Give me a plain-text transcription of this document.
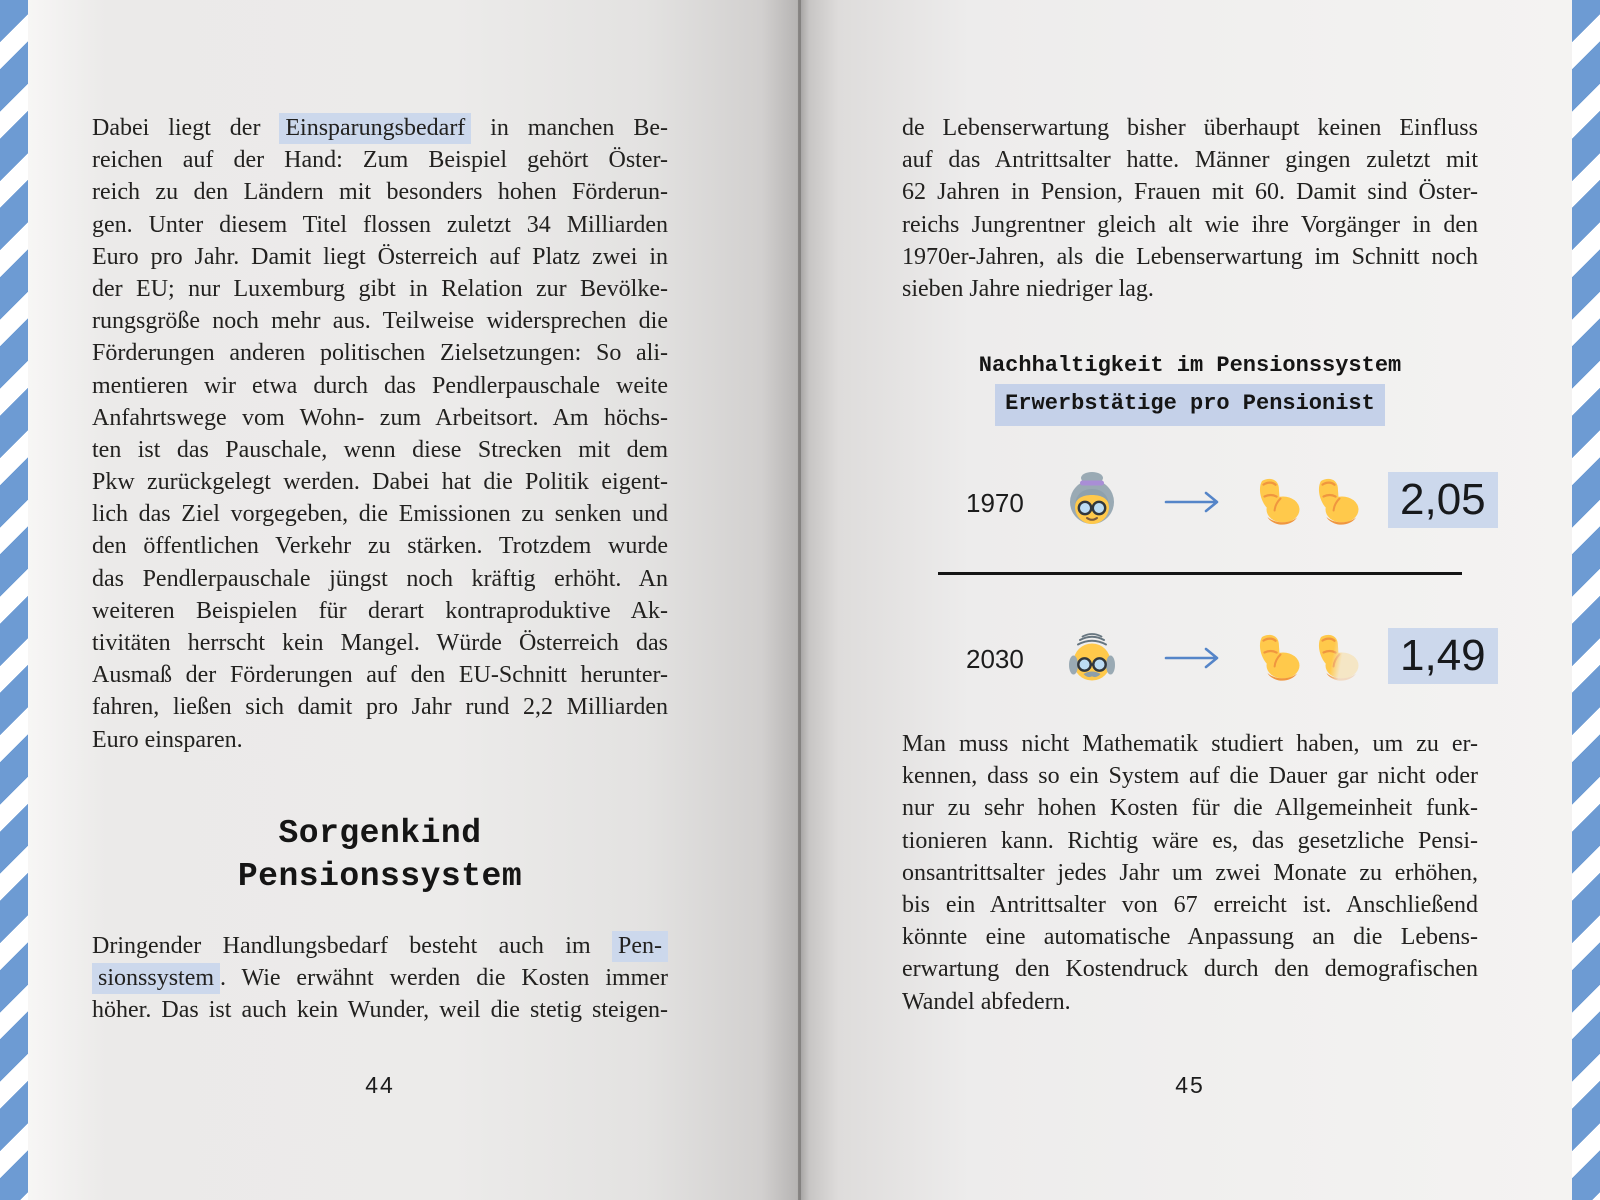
Dabei liegt der Einsparungsbedarf in manchen Be-
reichen auf der Hand: Zum Beispiel gehört Öster-
reich zu den Ländern mit besonders hohen Förderun-
gen. Unter diesem Titel flossen zuletzt 34 Milliarden
Euro pro Jahr. Damit liegt Österreich auf Platz zwei in
der EU; nur Luxemburg gibt in Relation zur Bevölke-
rungsgröße noch mehr aus. Teilweise widersprechen die
Förderungen anderen politischen Zielsetzungen: So ali-
mentieren wir etwa durch das Pendlerpauschale weite
Anfahrtswege vom Wohn- zum Arbeitsort. Am höchs-
ten ist das Pauschale, wenn diese Strecken mit dem
Pkw zurückgelegt werden. Dabei hat die Politik eigent-
lich das Ziel vorgegeben, die Emissionen zu senken und
den öffentlichen Verkehr zu stärken. Trotzdem wurde
das Pendlerpauschale jüngst noch kräftig erhöht. An
weiteren Beispielen für derart kontraproduktive Ak-
tivitäten herrscht kein Mangel. Würde Österreich das
Ausmaß der Förderungen auf den EU-Schnitt herunter-
fahren, ließen sich damit pro Jahr rund 2,2 Milliarden
Euro einsparen.
Sorgenkind
Pensionssystem
Dringender Handlungsbedarf besteht auch im Pen-
sionssystem . Wie erwähnt werden die Kosten immer
höher. Das ist auch kein Wunder, weil die stetig steigen-
44
de Lebenserwartung bisher überhaupt keinen Einfluss
auf das Antrittsalter hatte. Männer gingen zuletzt mit
62 Jahren in Pension, Frauen mit 60. Damit sind Öster-
reichs Jungrentner gleich alt wie ihre Vorgänger in den
1970er-Jahren, als die Lebenserwartung im Schnitt noch
sieben Jahre niedriger lag.
Nachhaltigkeit im Pensionssystem
Erwerbstätige pro Pensionist
1970	2,05
2030	1,49
Man muss nicht Mathematik studiert haben, um zu er-
kennen, dass so ein System auf die Dauer gar nicht oder
nur zu sehr hohen Kosten für die Allgemeinheit funk-
tionieren kann. Richtig wäre es, das gesetzliche Pensi-
onsantrittsalter jedes Jahr um zwei Monate zu erhöhen,
bis ein Antrittsalter von 67 erreicht ist. Anschließend
könnte eine automatische Anpassung an die Lebens-
erwartung den Kostendruck durch den demografischen
Wandel abfedern.
45
